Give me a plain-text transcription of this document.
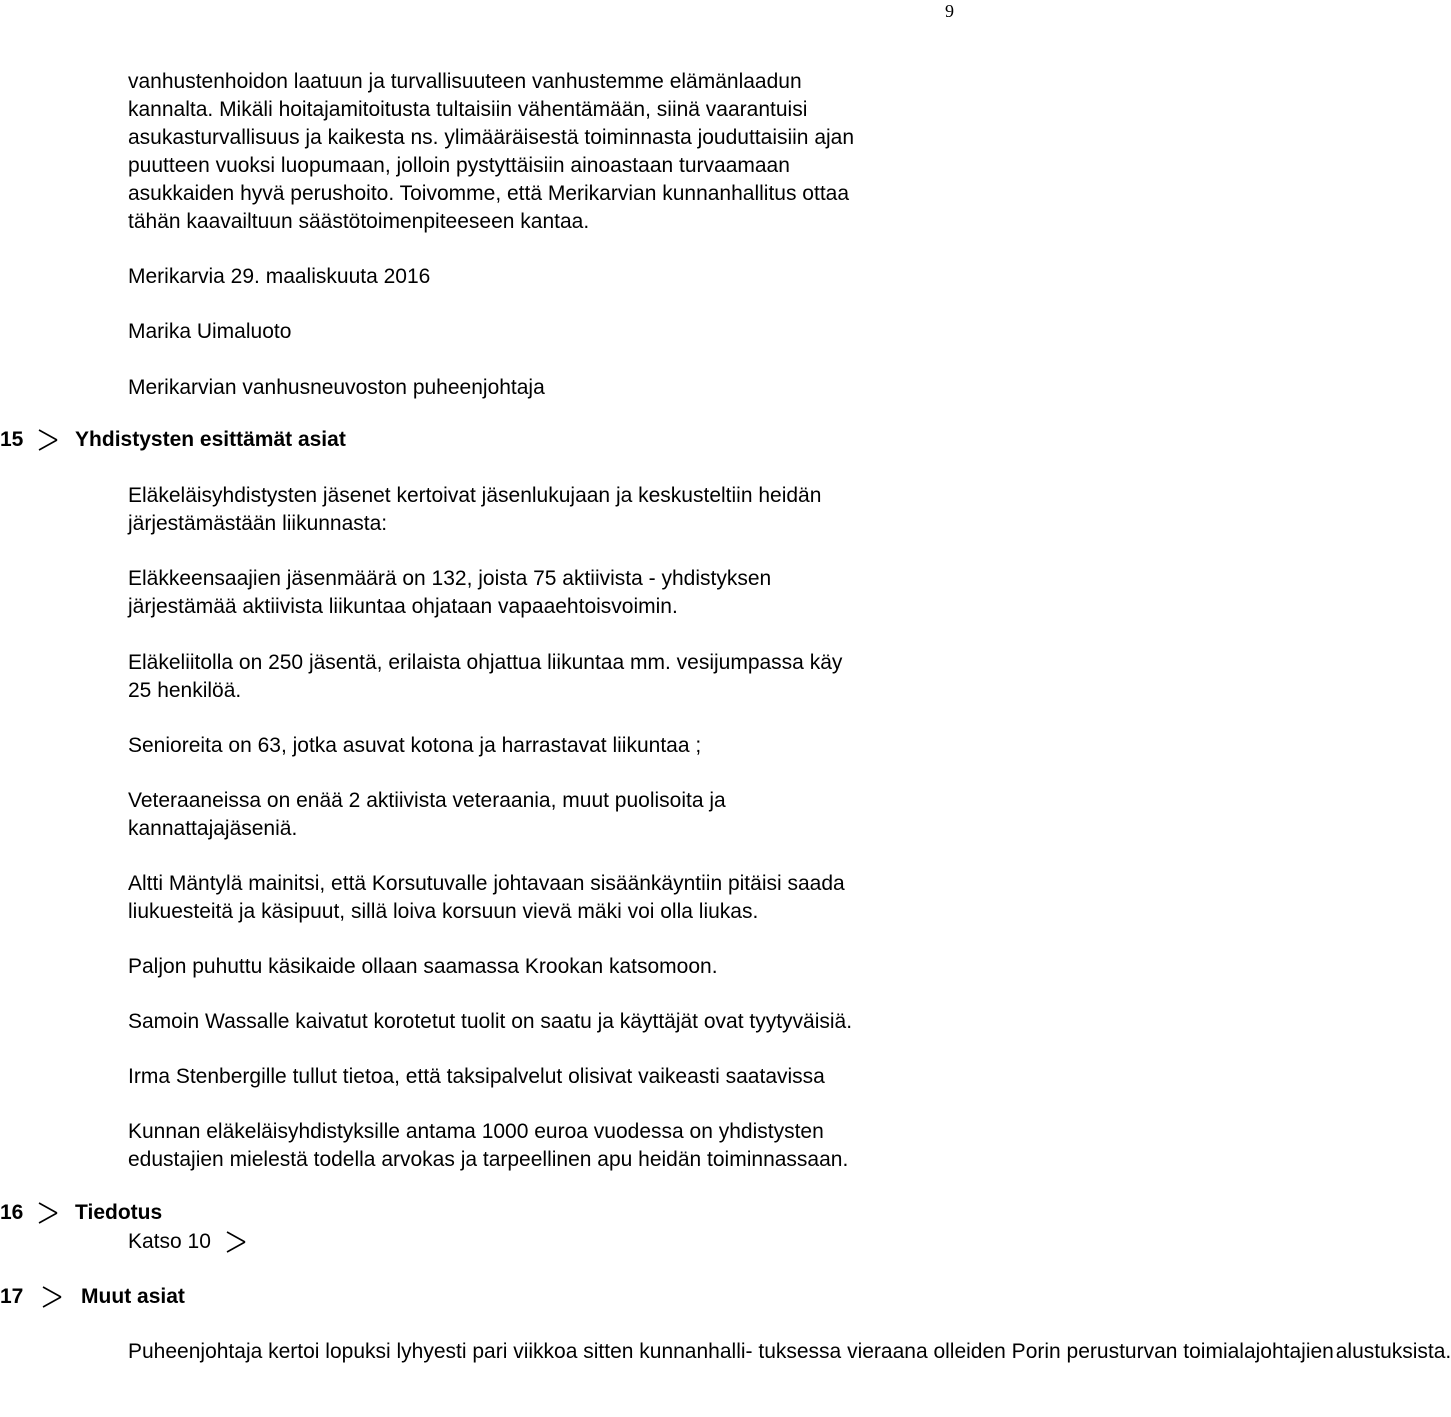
9
vanhustenhoidon laatuun ja turvallisuuteen vanhustemme elämänlaadun
kannalta. Mikäli hoitajamitoitusta tultaisiin vähentämään, siinä vaarantuisi
asukasturvallisuus ja kaikesta ns. ylimääräisestä toiminnasta jouduttaisiin ajan
puutteen vuoksi luopumaan, jolloin pystyttäisiin ainoastaan turvaamaan
asukkaiden hyvä perushoito. Toivomme, että Merikarvian kunnanhallitus ottaa
tähän kaavailtuun säästötoimenpiteeseen kantaa.
Merikarvia 29. maaliskuuta 2016
Marika Uimaluoto
Merikarvian vanhusneuvoston puheenjohtaja
15 Yhdistysten esittämät asiat
Eläkeläisyhdistysten jäsenet kertoivat jäsenlukujaan ja keskusteltiin heidän
järjestämästään liikunnasta:
Eläkkeensaajien jäsenmäärä on 132, joista 75 aktiivista - yhdistyksen
järjestämää aktiivista liikuntaa ohjataan vapaaehtoisvoimin.
Eläkeliitolla on 250 jäsentä, erilaista ohjattua liikuntaa mm. vesijumpassa käy
25 henkilöä.
Senioreita on 63, jotka asuvat kotona ja harrastavat liikuntaa ;
Veteraaneissa on enää 2 aktiivista veteraania, muut puolisoita ja
kannattajajäseniä.
Altti Mäntylä mainitsi, että Korsutuvalle johtavaan sisäänkäyntiin pitäisi saada
liukuesteitä ja käsipuut, sillä loiva korsuun vievä mäki voi olla liukas.
Paljon puhuttu käsikaide ollaan saamassa Krookan katsomoon.
Samoin Wassalle kaivatut korotetut tuolit on saatu ja käyttäjät ovat tyytyväisiä.
Irma Stenbergille tullut tietoa, että taksipalvelut olisivat vaikeasti saatavissa
Kunnan eläkeläisyhdistyksille antama 1000 euroa vuodessa on yhdistysten
edustajien mielestä todella arvokas ja tarpeellinen apu heidän toiminnassaan.
16 Tiedotus
Katso 10
17	Muut asiat
Puheenjohtaja kertoi lopuksi lyhyesti pari viikkoa sitten kunnanhalli- tuksessa vieraana olleiden Porin perusturvan toimialajohtajien alustuksista.
